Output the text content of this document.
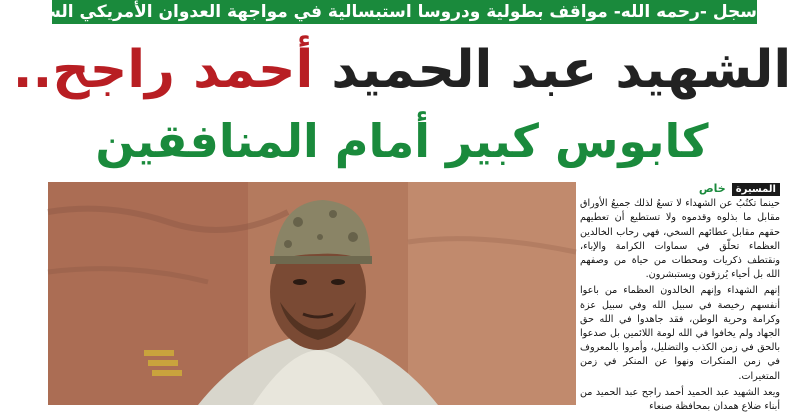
سجل -رحمه الله- مواقف بطولية ودروسا استبسالية في مواجهة العدوان الأمريكي السعودي
الشهيد عبد الحميد أحمد راجح..
كابوس كبير أمام المنافقين
المسيرة
خاص

حينما تكتُبُ عن الشهداء لا تسعُ لذلك جميعُ الأوراق مقابل ما بذلوه وقدموه ولا تستطيع أن تعطيهم حقهم مقابل عطائهم السخي، فهي رحاب الخالدين العظماء تحلّق في سماوات الكرامة والإباء، ونقتطف ذكريات ومحطات من حياة من وصفهم الله بل أحياء يُرزقون ويستبشرون.

إنهم الشهداء وإنهم الخالدون العظماء من باعوا أنفسهم رخيصة في سبيل الله وفي سبيل عزة وكرامة وحرية الوطن، فقد جاهدوا في الله حق الجهاد ولم يخافوا في الله لومة اللائمين بل صدعوا بالحق في زمن الكذب والتضليل، وأمروا بالمعروف في زمن المنكرات ونهوا عن المنكر في زمن المتغيرات.

ويعد الشهيد عبد الحميد أحمد راجح عبد الحميد من أبناء ضلاع همدان بمحافظة صنعاء
